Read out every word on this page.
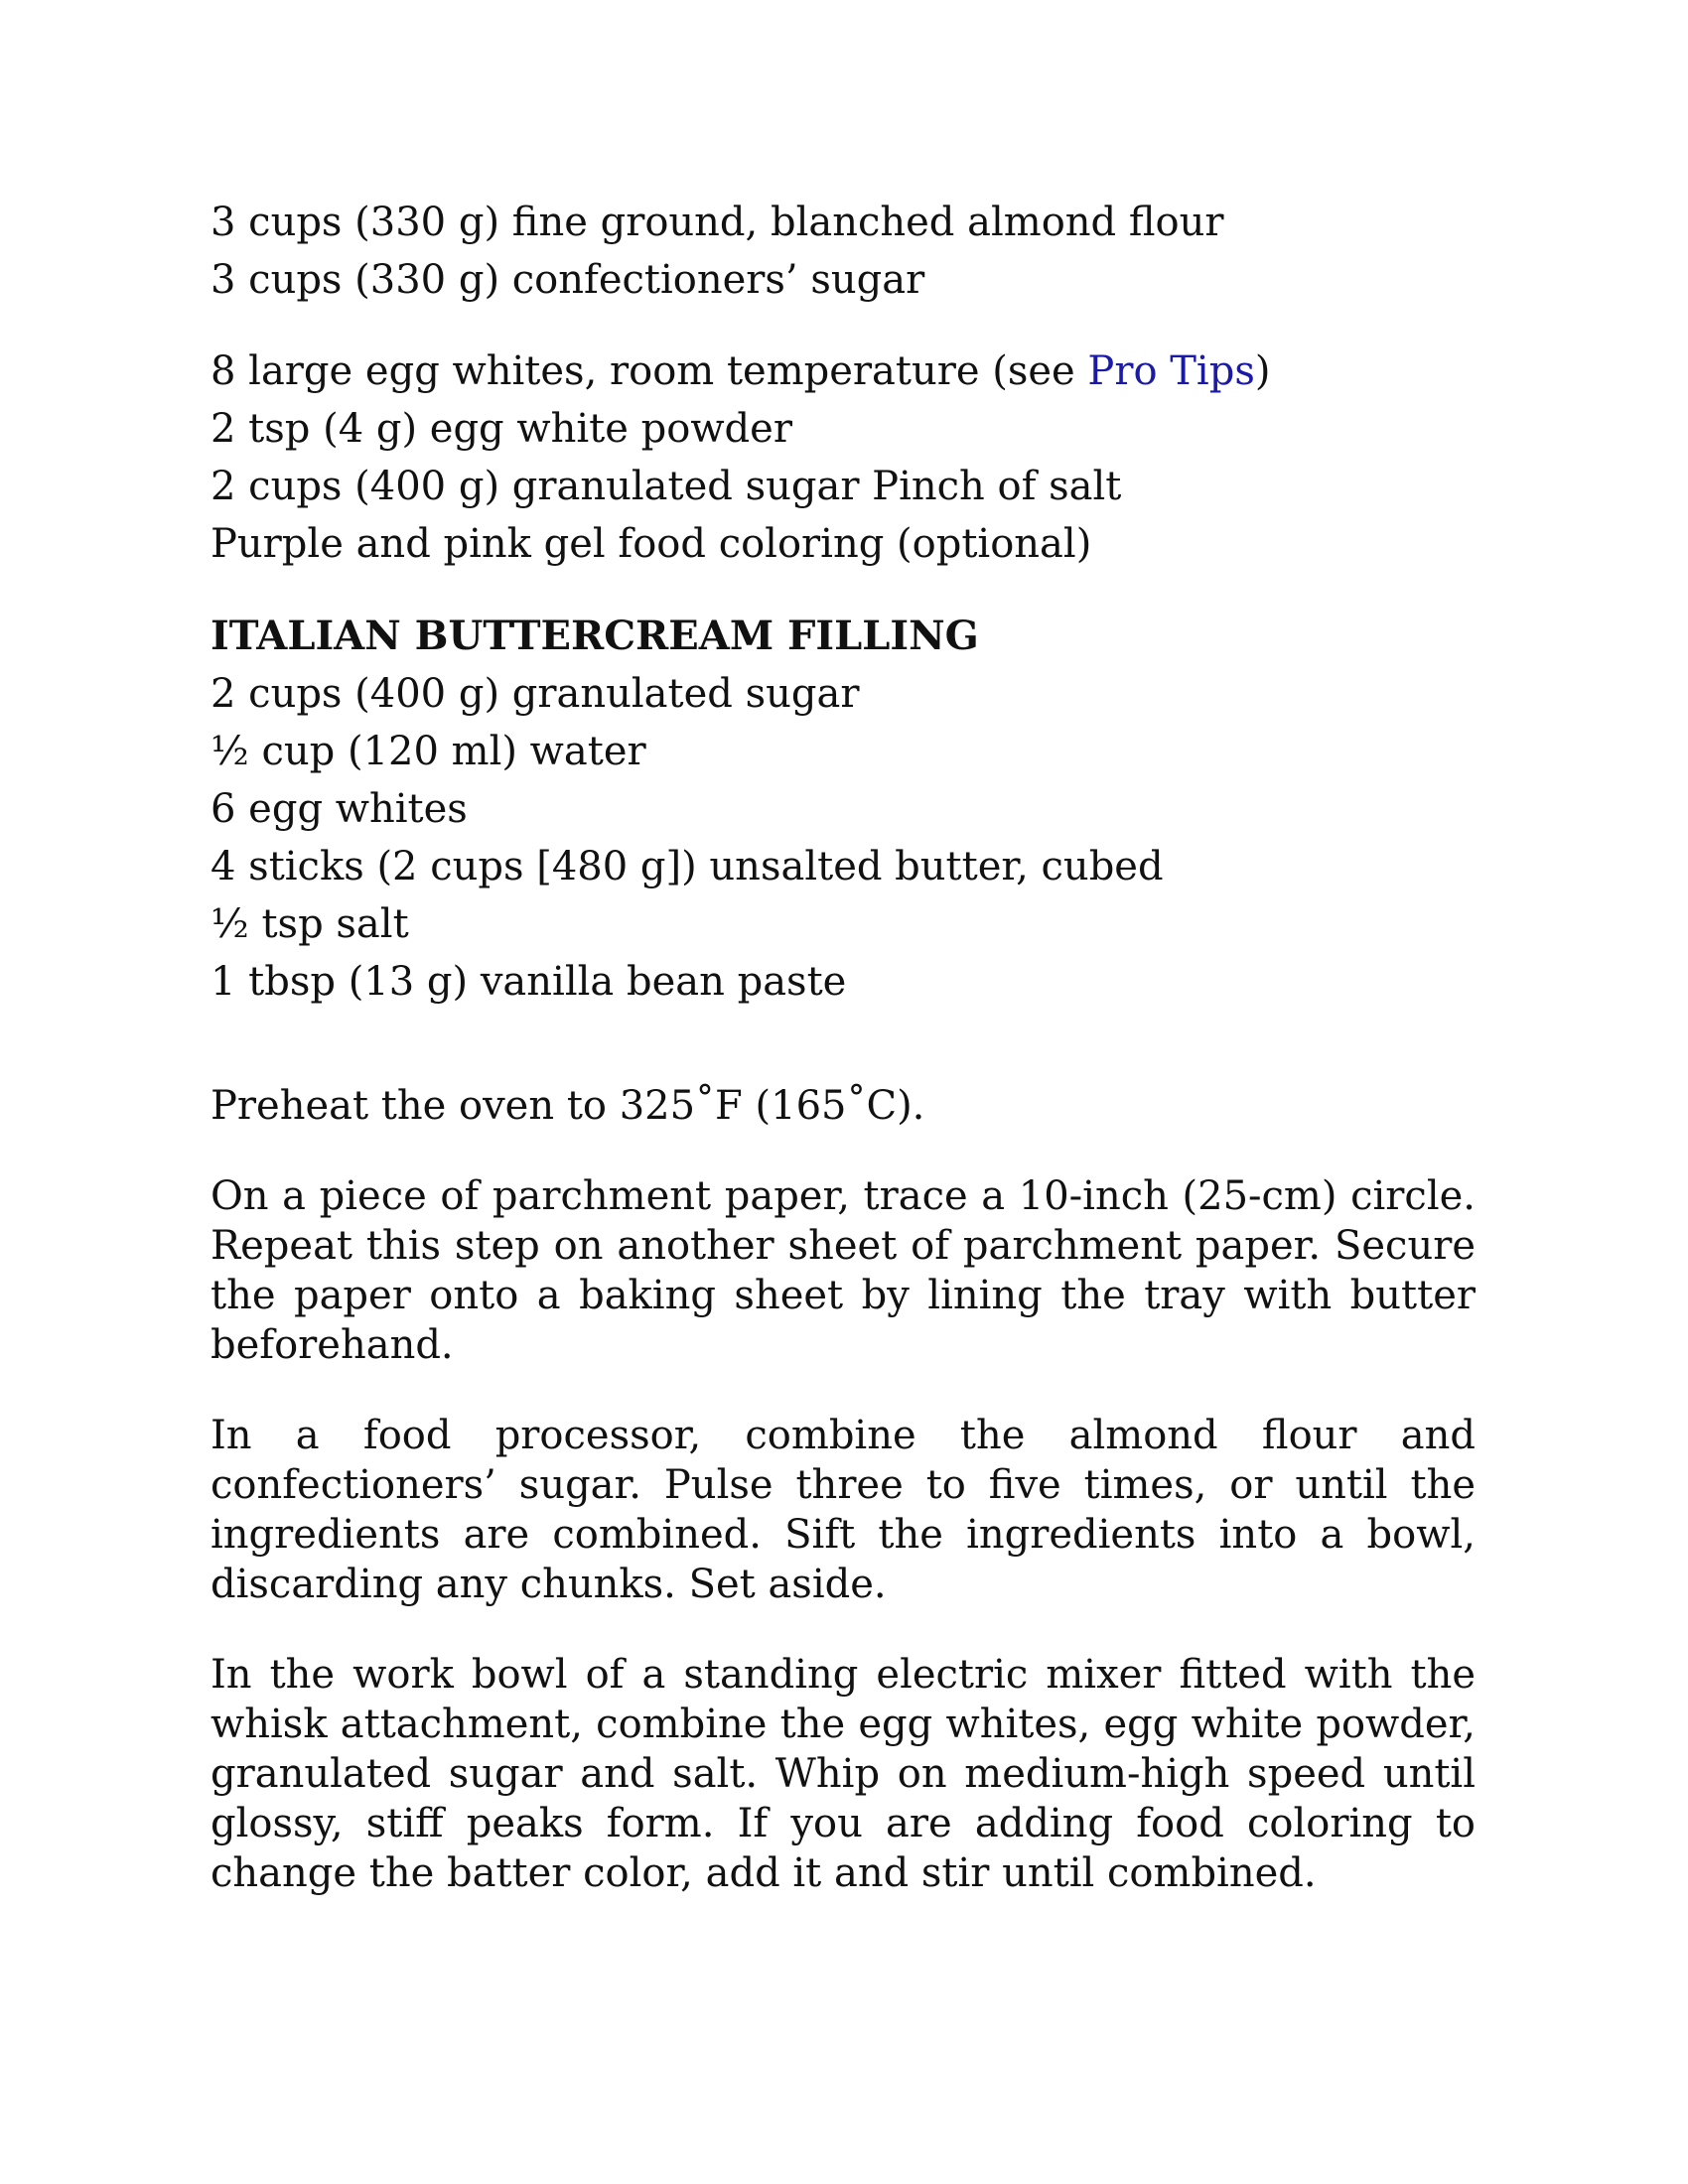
3 cups (330 g) fine ground, blanched almond flour
3 cups (330 g) confectioners’ sugar
8 large egg whites, room temperature (see Pro Tips)
2 tsp (4 g) egg white powder
2 cups (400 g) granulated sugar Pinch of salt
Purple and pink gel food coloring (optional)
ITALIAN BUTTERCREAM FILLING
2 cups (400 g) granulated sugar
½ cup (120 ml) water
6 egg whites
4 sticks (2 cups [480 g]) unsalted butter, cubed
½ tsp salt
1 tbsp (13 g) vanilla bean paste

Preheat the oven to 325˚F (165˚C).

On a piece of parchment paper, trace a 10-inch (25-cm) circle. Repeat this step on another sheet of parchment paper. Secure the paper onto a baking sheet by lining the tray with butter beforehand.

In a food processor, combine the almond flour and confectioners’ sugar. Pulse three to five times, or until the ingredients are combined. Sift the ingredients into a bowl, discarding any chunks. Set aside.

In the work bowl of a standing electric mixer fitted with the whisk attachment, combine the egg whites, egg white powder, granulated sugar and salt. Whip on medium-high speed until glossy, stiff peaks form. If you are adding food coloring to change the batter color, add it and stir until combined.
